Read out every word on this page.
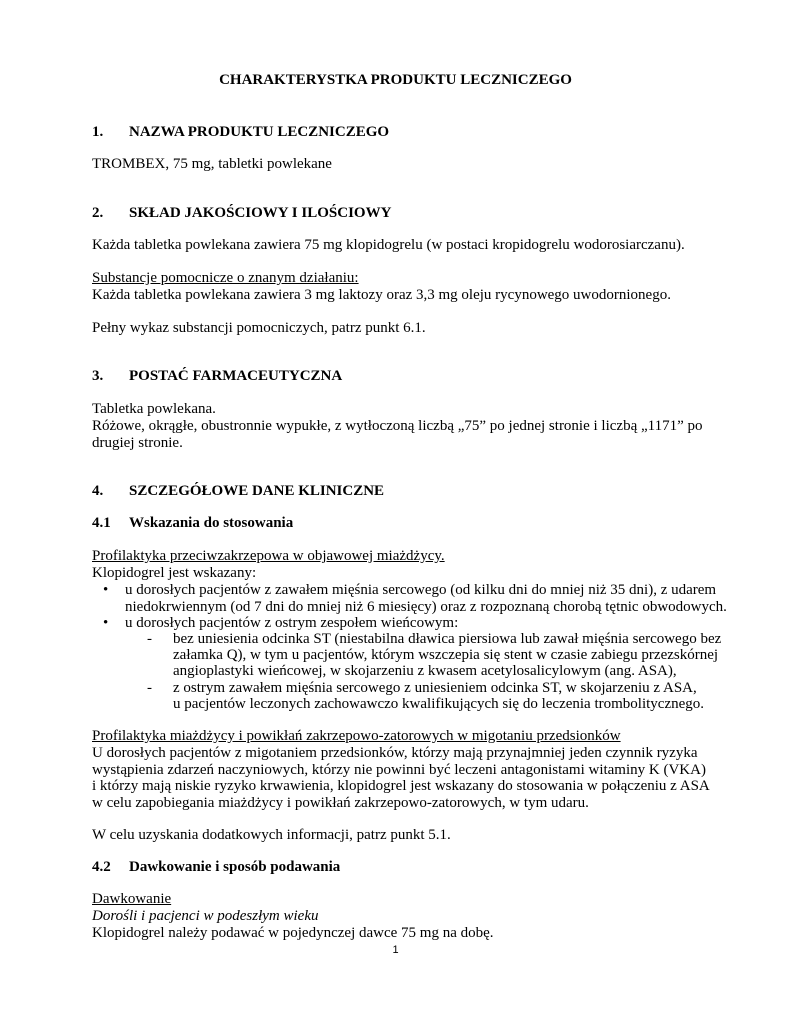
CHARAKTERYSTKA PRODUKTU LECZNICZEGO
1. NAZWA PRODUKTU LECZNICZEGO

TROMBEX, 75 mg, tabletki powlekane

2. SKŁAD JAKOŚCIOWY I ILOŚCIOWY

Każda tabletka powlekana zawiera 75 mg klopidogrelu (w postaci kropidogrelu wodorosiarczanu).

Substancje pomocnicze o znanym działaniu:

Każda tabletka powlekana zawiera 3 mg laktozy oraz 3,3 mg oleju rycynowego uwodornionego.

Pełny wykaz substancji pomocniczych, patrz punkt 6.1.

3. POSTAĆ FARMACEUTYCZNA

Tabletka powlekana.

Różowe, okrągłe, obustronnie wypukłe, z wytłoczoną liczbą „75” po jednej stronie i liczbą „1171” po

drugiej stronie.

4. SZCZEGÓŁOWE DANE KLINICZNE
4.1 Wskazania do stosowania

Profilaktyka przeciwzakrzepowa w objawowej miażdżycy.

Klopidogrel jest wskazany:

• u dorosłych pacjentów z zawałem mięśnia sercowego (od kilku dni do mniej niż 35 dni), z udarem

niedokrwiennym (od 7 dni do mniej niż 6 miesięcy) oraz z rozpoznaną chorobą tętnic obwodowych.

• u dorosłych pacjentów z ostrym zespołem wieńcowym:

- bez uniesienia odcinka ST (niestabilna dławica piersiowa lub zawał mięśnia sercowego bez

załamka Q), w tym u pacjentów, którym wszczepia się stent w czasie zabiegu przezskórnej

angioplastyki wieńcowej, w skojarzeniu z kwasem acetylosalicylowym (ang. ASA),

- z ostrym zawałem mięśnia sercowego z uniesieniem odcinka ST, w skojarzeniu z ASA,

u pacjentów leczonych zachowawczo kwalifikujących się do leczenia trombolitycznego.

Profilaktyka miażdżycy i powikłań zakrzepowo-zatorowych w migotaniu przedsionków

U dorosłych pacjentów z migotaniem przedsionków, którzy mają przynajmniej jeden czynnik ryzyka

wystąpienia zdarzeń naczyniowych, którzy nie powinni być leczeni antagonistami witaminy K (VKA)

i którzy mają niskie ryzyko krwawienia, klopidogrel jest wskazany do stosowania w połączeniu z ASA

w celu zapobiegania miażdżycy i powikłań zakrzepowo-zatorowych, w tym udaru.

W celu uzyskania dodatkowych informacji, patrz punkt 5.1.

4.2 Dawkowanie i sposób podawania

Dawkowanie

Dorośli i pacjenci w podeszłym wieku

Klopidogrel należy podawać w pojedynczej dawce 75 mg na dobę.

1
